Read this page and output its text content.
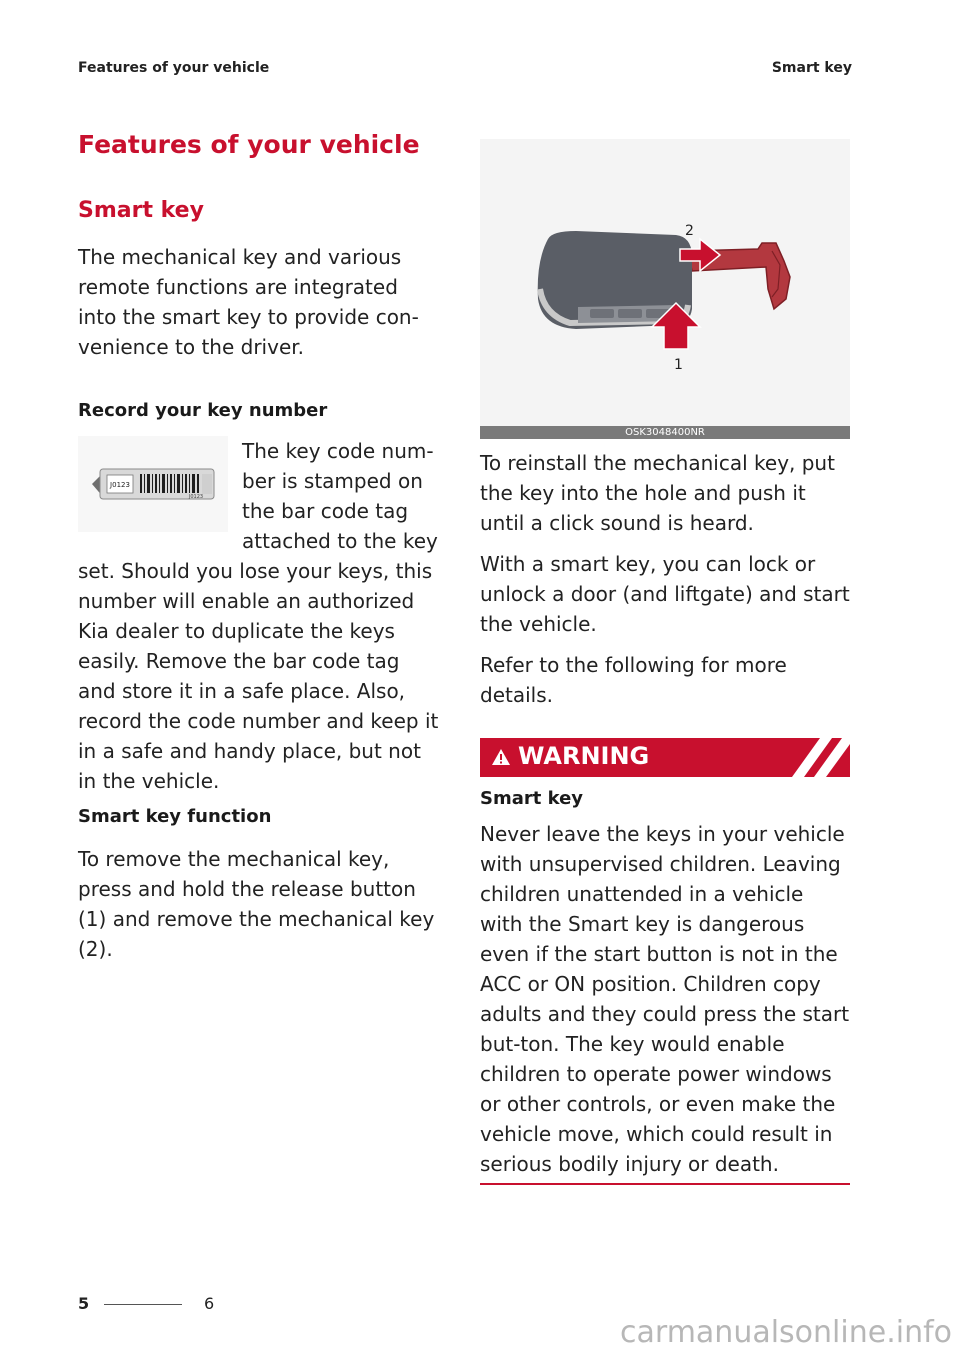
Features of your vehicle	Smart key
Features of your vehicle
Smart key

The mechanical key and various remote functions are integrated into the smart key to provide con-venience to the driver.

Record your key number
J0123
J0123

The key code num-ber is stamped on the bar code tag attached to the key set. Should you lose your keys, this number will enable an authorized Kia dealer to duplicate the keys easily. Remove the bar code tag and store it in a safe place. Also, record the code number and keep it in a safe and handy place, but not in the vehicle.

Smart key function

To remove the mechanical key, press and hold the release button (1) and remove the mechanical key (2).

2
1
OSK3048400NR

To reinstall the mechanical key, put the key into the hole and push it until a click sound is heard.

With a smart key, you can lock or unlock a door (and liftgate) and start the vehicle.

Refer to the following for more details.

WARNING
Smart key

Never leave the keys in your vehicle with unsupervised children. Leaving children unattended in a vehicle with the Smart key is dangerous even if the start button is not in the ACC or ON position. Children copy adults and they could press the start but-ton. The key would enable children to operate power windows or other controls, or even make the vehicle move, which could result in serious bodily injury or death.

5	6
carmanualsonline.info
